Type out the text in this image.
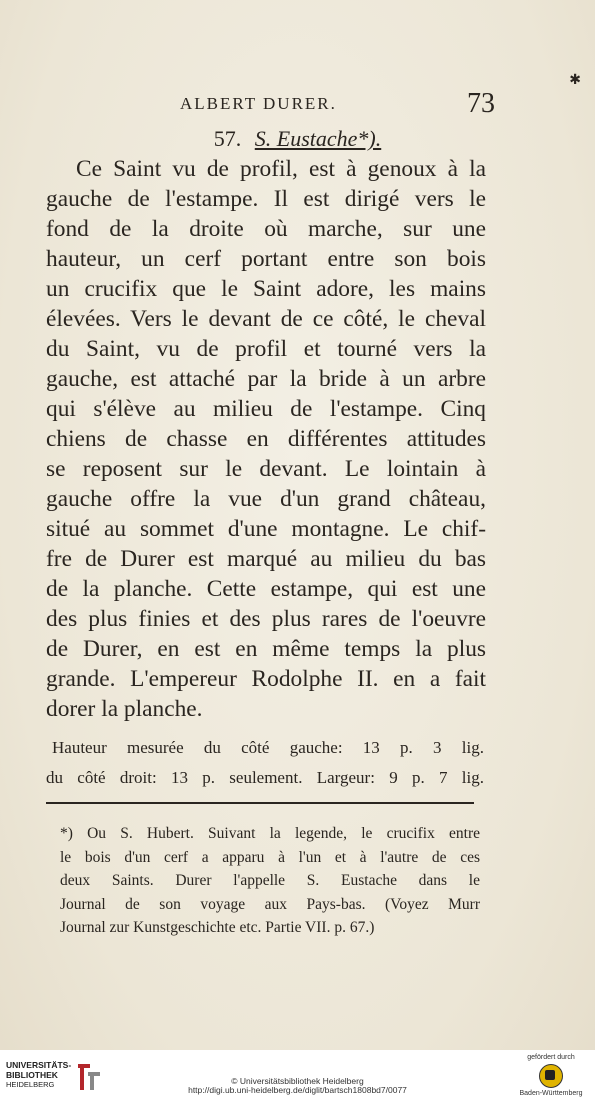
✱
ALBERT DURER.	73
57. S. Eustache*).
Ce Saint vu de profil, est à genoux à la
gauche de l'estampe. Il est dirigé vers le
fond de la droite où marche, sur une
hauteur, un cerf portant entre son bois
un crucifix que le Saint adore, les mains
élevées. Vers le devant de ce côté, le cheval
du Saint, vu de profil et tourné vers la
gauche, est attaché par la bride à un arbre
qui s'élève au milieu de l'estampe. Cinq
chiens de chasse en différentes attitudes
se reposent sur le devant. Le lointain à
gauche offre la vue d'un grand château,
situé au sommet d'une montagne. Le chif-
fre de Durer est marqué au milieu du bas
de la planche. Cette estampe, qui est une
des plus finies et des plus rares de l'oeuvre
de Durer, en est en même temps la plus
grande. L'empereur Rodolphe II. en a fait
dorer la planche.
Hauteur mesurée du côté gauche: 13 p. 3 lig.
du côté droit: 13 p. seulement. Largeur: 9 p. 7 lig.
*) Ou S. Hubert. Suivant la legende, le crucifix entre
le bois d'un cerf a apparu à l'un et à l'autre de ces
deux Saints. Durer l'appelle S. Eustache dans le
Journal de son voyage aux Pays-bas. (Voyez Murr
Journal zur Kunstgeschichte etc. Partie VII. p. 67.)
UNIVERSITÄTS-
BIBLIOTHEK
HEIDELBERG	© Universitätsbibliothek Heidelberg
http://digi.ub.uni-heidelberg.de/diglit/bartsch1808bd7/0077
gefördert durch
Baden-Württemberg
